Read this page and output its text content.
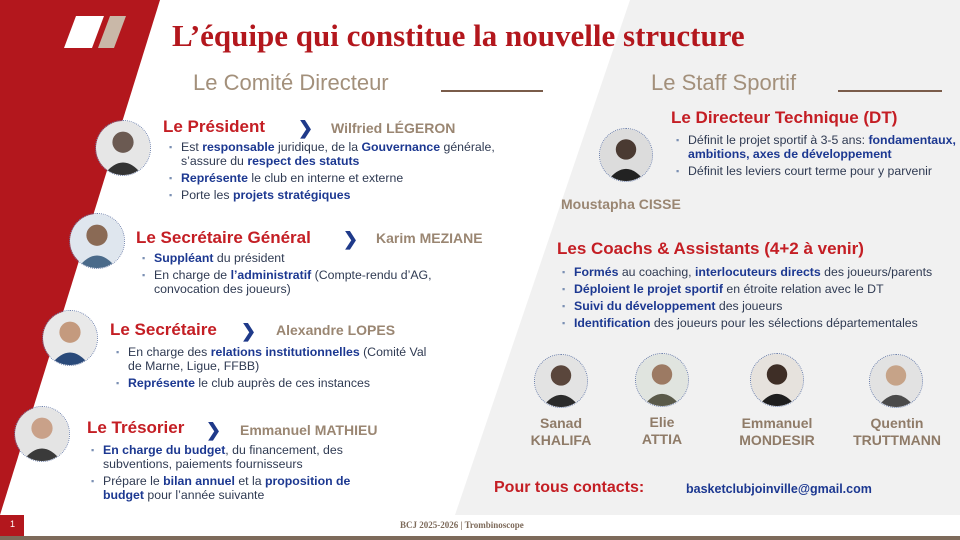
L’équipe qui constitue la nouvelle structure
Le Comité Directeur	Le Staff Sportif
Le Président ❯ Wilfried LÉGERON
▪ Est responsable juridique, de la Gouvernance générale, s’assure du respect des statuts
▪ Représente le club en interne et externe
▪ Porte les projets stratégiques
Le Secrétaire Général ❯ Karim MEZIANE
▪ Suppléant du président
▪ En charge de l’administratif (Compte-rendu d’AG, convocation des joueurs)
Le Secrétaire ❯ Alexandre LOPES
▪ En charge des relations institutionnelles (Comité Val de Marne, Ligue, FFBB)
▪ Représente le club auprès de ces instances
Le Trésorier ❯ Emmanuel MATHIEU
▪ En charge du budget, du financement, des subventions, paiements fournisseurs
▪ Prépare le bilan annuel et la proposition de budget pour l’année suivante
Le Directeur Technique (DT)
▪ Définit le projet sportif à 3-5 ans: fondamentaux, ambitions, axes de développement
▪ Définit les leviers court terme pour y parvenir
Moustapha CISSE
Les Coachs & Assistants (4+2 à venir)
▪ Formés au coaching, interlocuteurs directs des joueurs/parents
▪ Déploient le projet sportif en étroite relation avec le DT
▪ Suivi du développement des joueurs
▪ Identification des joueurs pour les sélections départementales
Sanad
KHALIFA
Elie
ATTIA
Emmanuel
MONDESIR
Quentin
TRUTTMANN
Pour tous contacts:	basketclubjoinville@gmail.com
1	BCJ 2025-2026 | Trombinoscope
